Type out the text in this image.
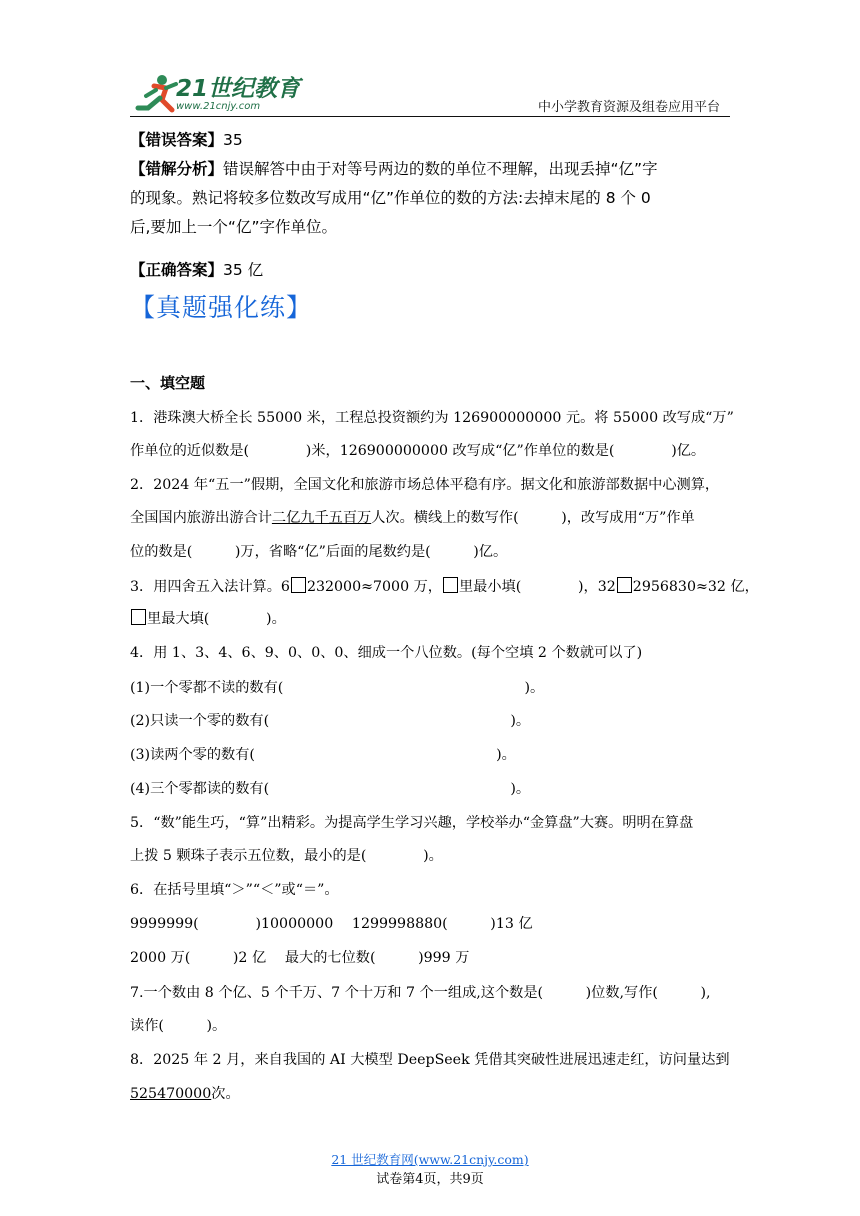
21世纪教育
www.21cnjy.com	中小学教育资源及组卷应用平台
【错误答案】35
【错解分析】错误解答中由于对等号两边的数的单位不理解，出现丢掉“亿”字
的现象。熟记将较多位数改写成用“亿”作单位的数的方法:去掉末尾的 8 个 0
后,要加上一个“亿”字作单位。
【正确答案】35 亿
【真题强化练】
一、填空题
1．港珠澳大桥全长 55000 米，工程总投资额约为 126900000000 元。将 55000 改写成“万”
作单位的近似数是(　　　　)米，126900000000 改写成“亿”作单位的数是(　　　　)亿。
2．2024 年“五一”假期，全国文化和旅游市场总体平稳有序。据文化和旅游部数据中心测算，
全国国内旅游出游合计二亿九千五百万人次。横线上的数写作(　　　)，改写成用“万”作单
位的数是(　　　)万，省略“亿”后面的尾数约是(　　　)亿。
3．用四舍五入法计算。6 232000≈7000 万， 里最小填(　　　　)，32 2956830≈32 亿，
里最大填(　　　　)。
4．用 1、3、4、6、9、0、0、0、细成一个八位数。(每个空填 2 个数就可以了)
(1)一个零都不读的数有(　　　　　　　　　　　　　　　　　)。
(2)只读一个零的数有(　　　　　　　　　　　　　　　　　)。
(3)读两个零的数有(　　　　　　　　　　　　　　　　　)。
(4)三个零都读的数有(　　　　　　　　　　　　　　　　　)。
5．“数”能生巧，“算”出精彩。为提高学生学习兴趣，学校举办“金算盘”大赛。明明在算盘
上拨 5 颗珠子表示五位数，最小的是(　　　　)。
6．在括号里填“＞”“＜”或“＝”。
9999999(　　　　)10000000　 1299998880(　　　)13 亿
2000 万(　　　)2 亿　 最大的七位数(　　　)999 万
7.一个数由 8 个亿、5 个千万、7 个十万和 7 个一组成,这个数是(　　　)位数,写作(　　　),
读作(　　　)。
8．2025 年 2 月，来自我国的 AI 大模型 DeepSeek 凭借其突破性进展迅速走红，访问量达到
525470000次。
21 世纪教育网(www.21cnjy.com)
试卷第4页，共9页
